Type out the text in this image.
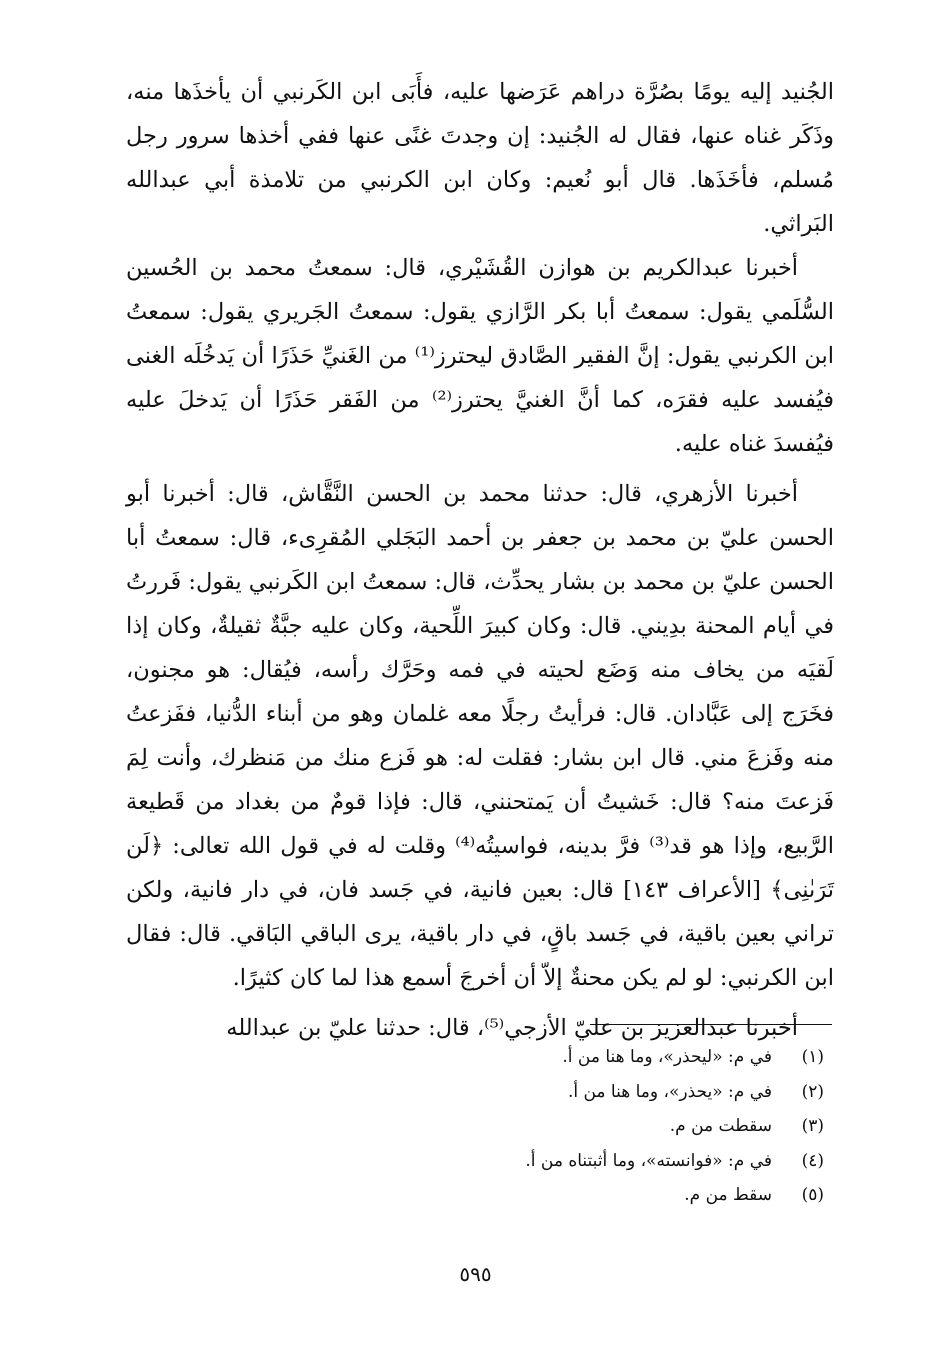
الجُنيد إليه يومًا بصُرَّة دراهم عَرَضها عليه، فأَبَى ابن الكَرنبي أن يأخذَها منه، وذَكَر غناه عنها، فقال له الجُنيد: إن وجدتَ غنًى عنها ففي أخذها سرور رجل مُسلم، فأخَذَها. قال أبو نُعيم: وكان ابن الكرنبي من تلامذة أبي عبدالله البَراثي.

أخبرنا عبدالكريم بن هوازن القُشَيْري، قال: سمعتُ محمد بن الحُسين السُّلَمي يقول: سمعتُ أبا بكر الرَّازي يقول: سمعتُ الجَريري يقول: سمعتُ ابن الكرنبي يقول: إنَّ الفقير الصَّادق ليحترز⁽¹⁾ من الغَنيِّ حَذَرًا أن يَدخُلَه الغنى فيُفسد عليه فقرَه، كما أنَّ الغنيَّ يحترز⁽²⁾ من الفَقر حَذَرًا أن يَدخلَ عليه فيُفسدَ غناه عليه.

أخبرنا الأزهري، قال: حدثنا محمد بن الحسن النَّقَّاش، قال: أخبرنا أبو الحسن عليّ بن محمد بن جعفر بن أحمد البَجَلي المُقرِىء، قال: سمعتُ أبا الحسن عليّ بن محمد بن بشار يحدِّث، قال: سمعتُ ابن الكَرنبي يقول: فَررتُ في أيام المحنة بدِيني. قال: وكان كبيرَ اللِّحية، وكان عليه جبَّةٌ ثقيلةٌ، وكان إذا لَقيَه من يخاف منه وَضَع لحيته في فمه وحَرَّك رأسه، فيُقال: هو مجنون، فخَرَج إلى عَبَّادان. قال: فرأيتُ رجلًا معه غلمان وهو من أبناء الدُّنيا، ففَزعتُ منه وفَزعَ مني. قال ابن بشار: فقلت له: هو فَزع منك من مَنظرك، وأنت لِمَ فَزعتَ منه؟ قال: خَشيتُ أن يَمتحنني، قال: فإذا قومٌ من بغداد من قَطيعة الرَّبيع، وإذا هو قد⁽³⁾ فرَّ بدينه، فواسيتُه⁽⁴⁾ وقلت له في قول الله تعالى: ﴿لَن تَرَىٰنِى﴾ [الأعراف ١٤٣] قال: بعين فانية، في جَسد فان، في دار فانية، ولكن تراني بعين باقية، في جَسد باقٍ، في دار باقية، يرى الباقي البَاقي. قال: فقال ابن الكرنبي: لو لم يكن محنةٌ إلاّ أن أخرجَ أسمع هذا لما كان كثيرًا.

أخبرنا عبدالعزيز بن عليّ الأزجي⁽⁵⁾، قال: حدثنا عليّ بن عبدالله

(١)
في م: «ليحذر»، وما هنا من أ.
(٢)
في م: «يحذر»، وما هنا من أ.
(٣)
سقطت من م.
(٤)
في م: «فوانسته»، وما أثبتناه من أ.
(٥)
سقط من م.
٥٩٥
